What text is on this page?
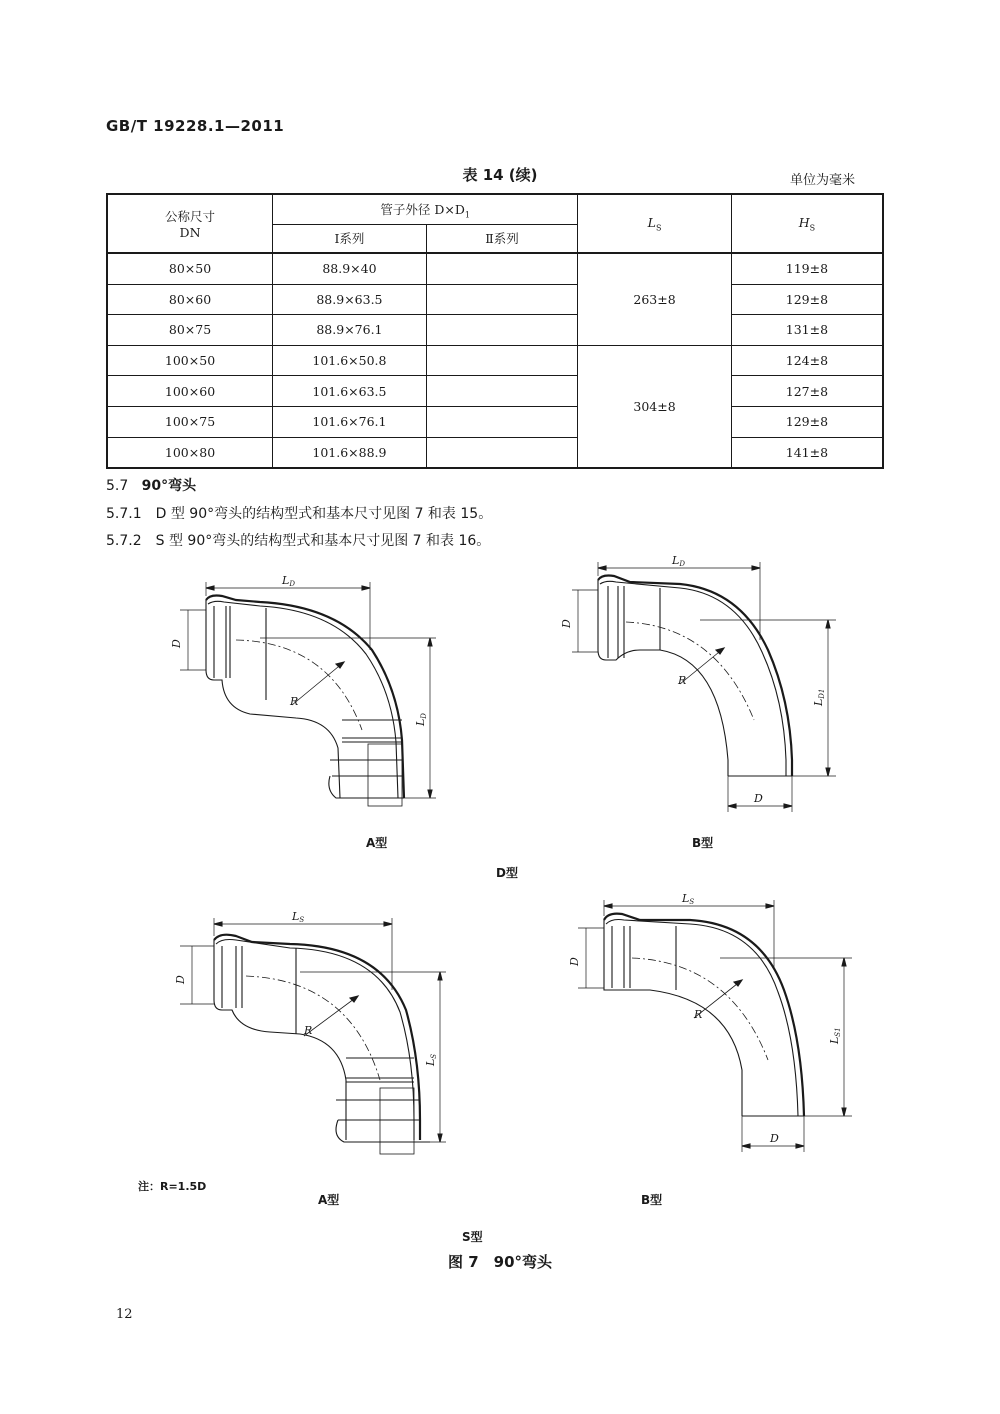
GB/T 19228.1—2011
表 14 (续)	单位为毫米
公称尺寸
DN	管子外径 $D\times D_1$		$L_S$	$H_S$
	Ⅰ系列	Ⅱ系列		
80×50	88.9×40		263±8	119±8
80×60	88.9×63.5			129±8
80×75	88.9×76.1			131±8
100×50	101.6×50.8		304±8	124±8
100×60	101.6×63.5			127±8
100×75	101.6×76.1			129±8
100×80	101.6×88.9			141±8
5.7 90°弯头
5.7.1　D 型 90°弯头的结构型式和基本尺寸见图 7 和表 15。
5.7.2　S 型 90°弯头的结构型式和基本尺寸见图 7 和表 16。
LD
LD
D
R
LD
LD1
D
D
R
LS
LS
D
R
LS
LS1
D
D
R
A型	B型
D型
注：R=1.5D
A型	B型
S型
图 7　90°弯头
12
